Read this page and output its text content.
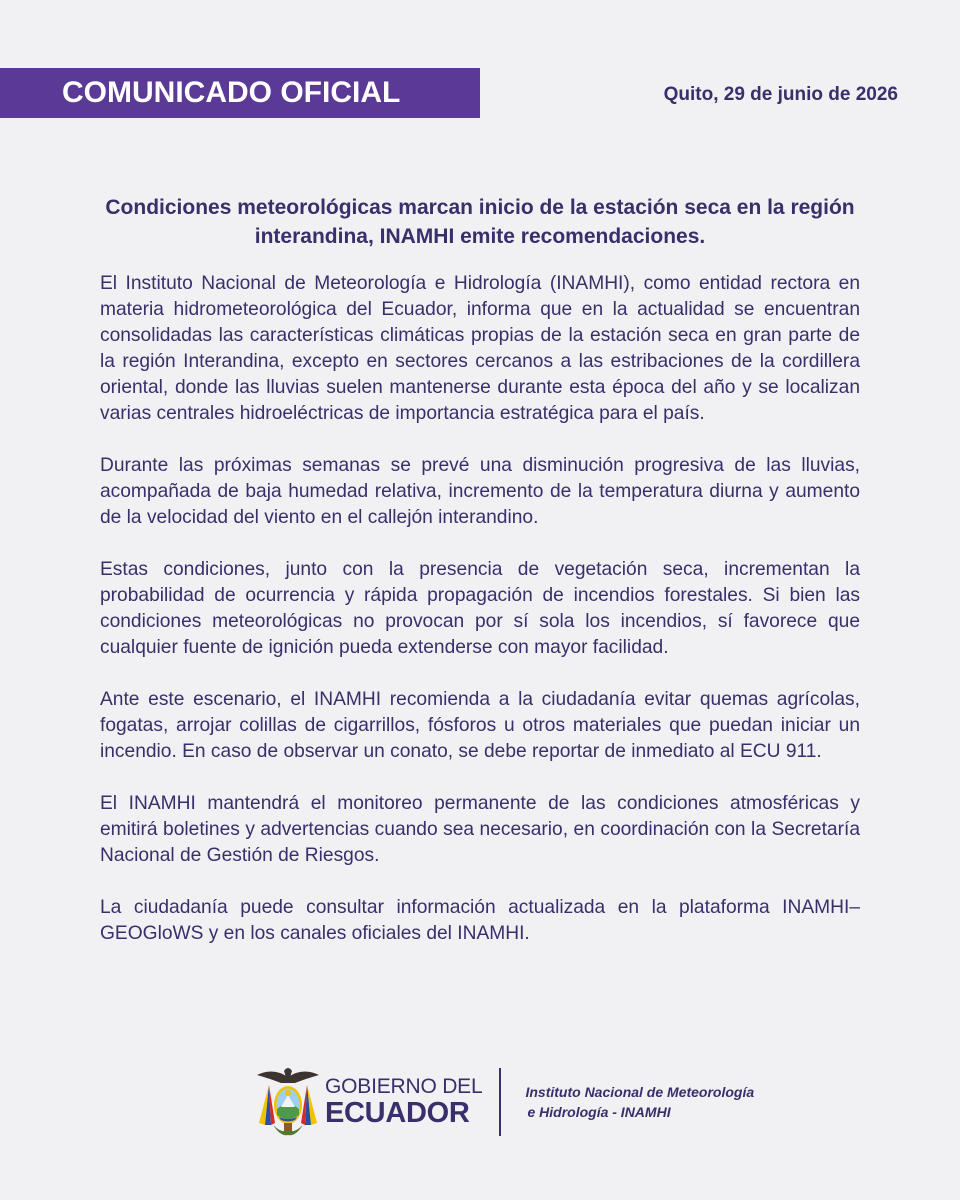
COMUNICADO OFICIAL	Quito, 29 de junio de 2026
Condiciones meteorológicas marcan inicio de la estación seca en la región interandina, INAMHI emite recomendaciones.

El Instituto Nacional de Meteorología e Hidrología (INAMHI), como entidad rectora en materia hidrometeorológica del Ecuador, informa que en la actualidad se encuentran consolidadas las características climáticas propias de la estación seca en gran parte de la región Interandina, excepto en sectores cercanos a las estribaciones de la cordillera oriental, donde las lluvias suelen mantenerse durante esta época del año y se localizan varias centrales hidroeléctricas de importancia estratégica para el país.

Durante las próximas semanas se prevé una disminución progresiva de las lluvias, acompañada de baja humedad relativa, incremento de la temperatura diurna y aumento de la velocidad del viento en el callejón interandino.

Estas condiciones, junto con la presencia de vegetación seca, incrementan la probabilidad de ocurrencia y rápida propagación de incendios forestales. Si bien las condiciones meteorológicas no provocan por sí sola los incendios, sí favorece que cualquier fuente de ignición pueda extenderse con mayor facilidad.

Ante este escenario, el INAMHI recomienda a la ciudadanía evitar quemas agrícolas, fogatas, arrojar colillas de cigarrillos, fósforos u otros materiales que puedan iniciar un incendio. En caso de observar un conato, se debe reportar de inmediato al ECU 911.

El INAMHI mantendrá el monitoreo permanente de las condiciones atmosféricas y emitirá boletines y advertencias cuando sea necesario, en coordinación con la Secretaría Nacional de Gestión de Riesgos.

La ciudadanía puede consultar información actualizada en la plataforma INAMHI–GEOGloWS y en los canales oficiales del INAMHI.

GOBIERNO DEL
ECUADOR
Instituto Nacional de Meteorología
e Hidrología - INAMHI
